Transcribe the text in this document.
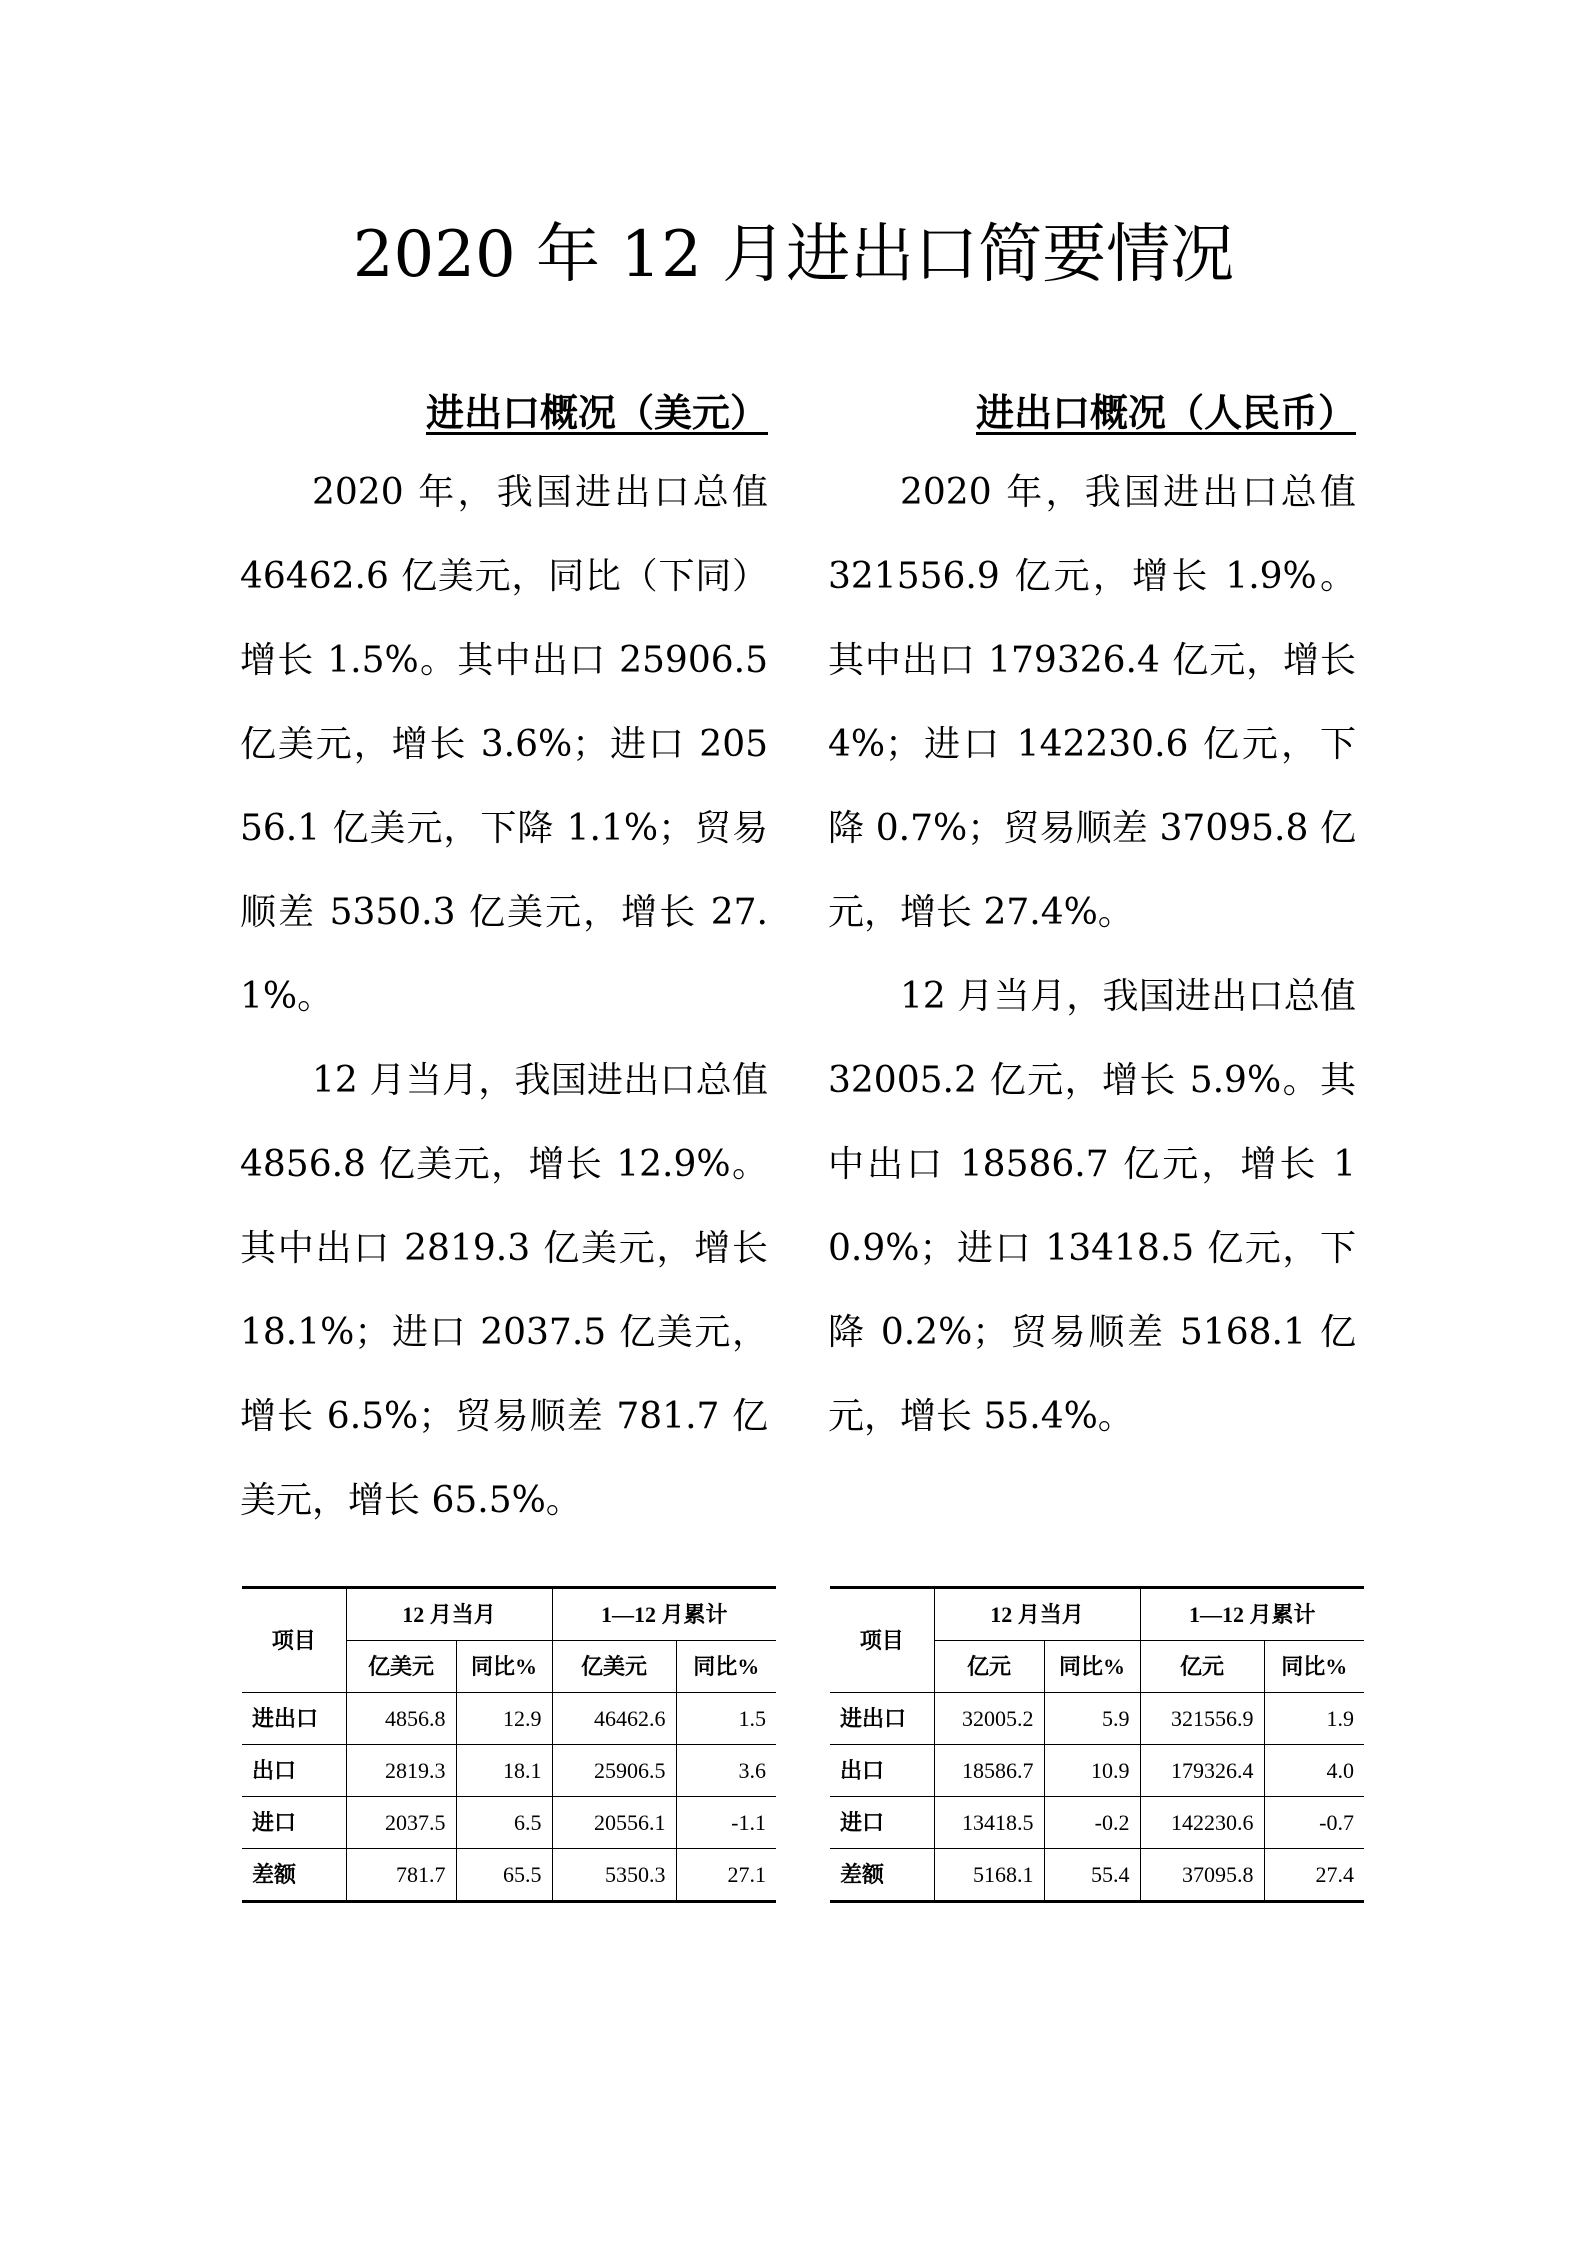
2020 年 12 月进出口简要情况
进出口概况（美元）

2020 年，我国进出口总值 46462.6 亿美元，同比（下同）增长 1.5%。其中出口 25906.5 亿美元，增长 3.6%；进口 20556.1 亿美元，下降 1.1%；贸易顺差 5350.3 亿美元，增长 27.1%。

12 月当月，我国进出口总值 4856.8 亿美元，增长 12.9%。其中出口 2819.3 亿美元，增长 18.1%；进口 2037.5 亿美元，增长 6.5%；贸易顺差 781.7 亿美元，增长 65.5%。

进出口概况（人民币）

2020 年，我国进出口总值 321556.9 亿元，增长 1.9%。其中出口 179326.4 亿元，增长 4%；进口 142230.6 亿元，下降 0.7%；贸易顺差 37095.8 亿元，增长 27.4%。

12 月当月，我国进出口总值 32005.2 亿元，增长 5.9%。其中出口 18586.7 亿元，增长 10.9%；进口 13418.5 亿元，下降 0.2%；贸易顺差 5168.1 亿元，增长 55.4%。

项目	12 月当月		1—12 月累计	
	亿美元	同比%	亿美元	同比%
进出口	4856.8	12.9	46462.6	1.5
出口	2819.3	18.1	25906.5	3.6
进口	2037.5	6.5	20556.1	-1.1
差额	781.7	65.5	5350.3	27.1
项目	12 月当月		1—12 月累计	
	亿元	同比%	亿元	同比%
进出口	32005.2	5.9	321556.9	1.9
出口	18586.7	10.9	179326.4	4.0
进口	13418.5	-0.2	142230.6	-0.7
差额	5168.1	55.4	37095.8	27.4
